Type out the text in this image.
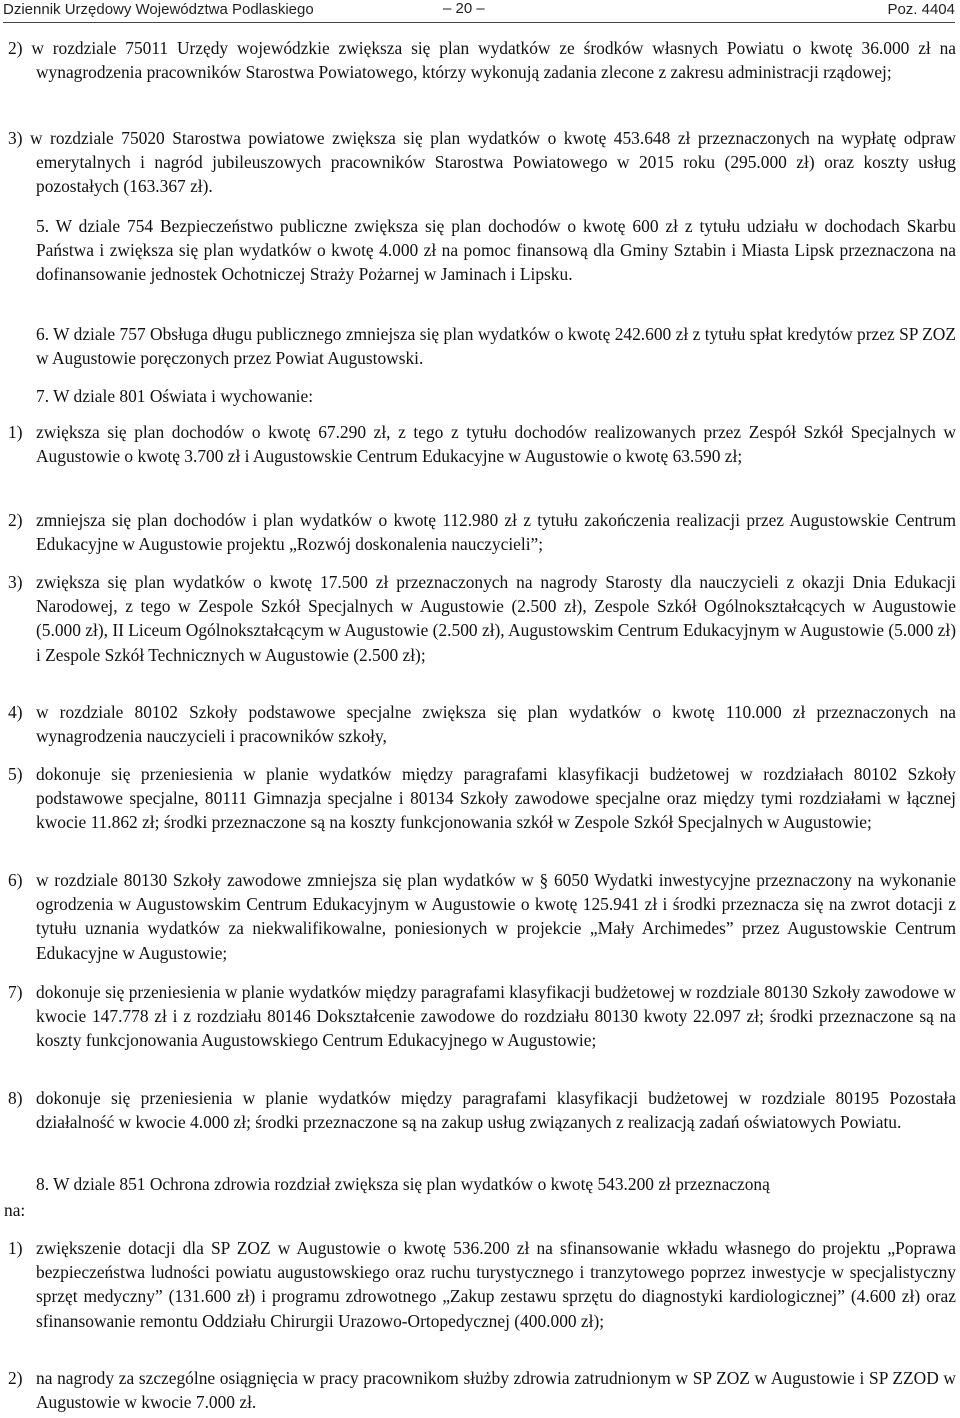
Dziennik Urzędowy Województwa Podlaskiego	– 20 –	Poz. 4404
2) w rozdziale 75011 Urzędy wojewódzkie zwiększa się plan wydatków ze środków własnych Powiatu o kwotę 36.000 zł na wynagrodzenia pracowników Starostwa Powiatowego, którzy wykonują zadania zlecone z zakresu administracji rządowej;
3) w rozdziale 75020 Starostwa powiatowe zwiększa się plan wydatków o kwotę 453.648 zł przeznaczonych na wypłatę odpraw emerytalnych i nagród jubileuszowych pracowników Starostwa Powiatowego w 2015 roku (295.000 zł) oraz koszty usług pozostałych (163.367 zł).
5. W dziale 754 Bezpieczeństwo publiczne zwiększa się plan dochodów o kwotę 600 zł z tytułu udziału w dochodach Skarbu Państwa i zwiększa się plan wydatków o kwotę 4.000 zł na pomoc finansową dla Gminy Sztabin i Miasta Lipsk przeznaczona na dofinansowanie jednostek Ochotniczej Straży Pożarnej w Jaminach i Lipsku.
6. W dziale 757 Obsługa długu publicznego zmniejsza się plan wydatków o kwotę 242.600 zł z tytułu spłat kredytów przez SP ZOZ w Augustowie poręczonych przez Powiat Augustowski.
7. W dziale 801 Oświata i wychowanie:
1) zwiększa się plan dochodów o kwotę 67.290 zł, z tego z tytułu dochodów realizowanych przez Zespół Szkół Specjalnych w Augustowie o kwotę 3.700 zł i Augustowskie Centrum Edukacyjne w Augustowie o kwotę 63.590 zł;
2) zmniejsza się plan dochodów i plan wydatków o kwotę 112.980 zł z tytułu zakończenia realizacji przez Augustowskie Centrum Edukacyjne w Augustowie projektu „Rozwój doskonalenia nauczycieli”;
3) zwiększa się plan wydatków o kwotę 17.500 zł przeznaczonych na nagrody Starosty dla nauczycieli z okazji Dnia Edukacji Narodowej, z tego w Zespole Szkół Specjalnych w Augustowie (2.500 zł), Zespole Szkół Ogólnokształcących w Augustowie (5.000 zł), II Liceum Ogólnokształcącym w Augustowie (2.500 zł), Augustowskim Centrum Edukacyjnym w Augustowie (5.000 zł) i Zespole Szkół Technicznych w Augustowie (2.500 zł);
4) w rozdziale 80102 Szkoły podstawowe specjalne zwiększa się plan wydatków o kwotę 110.000 zł przeznaczonych na wynagrodzenia nauczycieli i pracowników szkoły,
5) dokonuje się przeniesienia w planie wydatków między paragrafami klasyfikacji budżetowej w rozdziałach 80102 Szkoły podstawowe specjalne, 80111 Gimnazja specjalne i 80134 Szkoły zawodowe specjalne oraz między tymi rozdziałami w łącznej kwocie 11.862 zł; środki przeznaczone są na koszty funkcjonowania szkół w Zespole Szkół Specjalnych w Augustowie;
6) w rozdziale 80130 Szkoły zawodowe zmniejsza się plan wydatków w § 6050 Wydatki inwestycyjne przeznaczony na wykonanie ogrodzenia w Augustowskim Centrum Edukacyjnym w Augustowie o kwotę 125.941 zł i środki przeznacza się na zwrot dotacji z tytułu uznania wydatków za niekwalifikowalne, poniesionych w projekcie „Mały Archimedes” przez Augustowskie Centrum Edukacyjne w Augustowie;
7) dokonuje się przeniesienia w planie wydatków między paragrafami klasyfikacji budżetowej w rozdziale 80130 Szkoły zawodowe w kwocie 147.778 zł i z rozdziału 80146 Dokształcenie zawodowe do rozdziału 80130 kwoty 22.097 zł; środki przeznaczone są na koszty funkcjonowania Augustowskiego Centrum Edukacyjnego w Augustowie;
8) dokonuje się przeniesienia w planie wydatków między paragrafami klasyfikacji budżetowej w rozdziale 80195 Pozostała działalność w kwocie 4.000 zł; środki przeznaczone są na zakup usług związanych z realizacją zadań oświatowych Powiatu.
8. W dziale 851 Ochrona zdrowia rozdział zwiększa się plan wydatków o kwotę 543.200 zł przeznaczoną
na:
1) zwiększenie dotacji dla SP ZOZ w Augustowie o kwotę 536.200 zł na sfinansowanie wkładu własnego do projektu „Poprawa bezpieczeństwa ludności powiatu augustowskiego oraz ruchu turystycznego i tranzytowego poprzez inwestycje w specjalistyczny sprzęt medyczny” (131.600 zł) i programu zdrowotnego „Zakup zestawu sprzętu do diagnostyki kardiologicznej” (4.600 zł) oraz sfinansowanie remontu Oddziału Chirurgii Urazowo-Ortopedycznej (400.000 zł);
2) na nagrody za szczególne osiągnięcia w pracy pracownikom służby zdrowia zatrudnionym w SP ZOZ w Augustowie i SP ZZOD w Augustowie w kwocie 7.000 zł.
